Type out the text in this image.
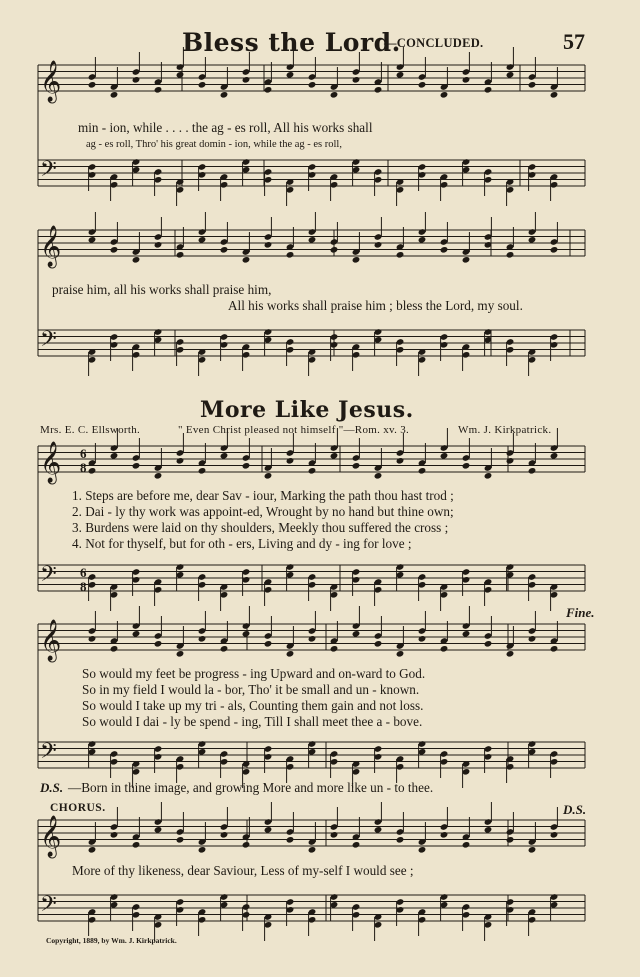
Bless the Lord.
—CONCLUDED.	57
𝄞
𝄢
𝄞
𝄢
𝄞
𝄢
𝄞
𝄢
𝄞
𝄢
min - ion, while . . . . the ag - es roll, All his works shall
ag - es roll, Thro' his great domin - ion, while the ag - es roll,
praise him, all his works shall praise him,
All his works shall praise him ; bless the Lord, my soul.
More Like Jesus.
Mrs. E. C. Ellsworth.	" Even Christ pleased not himself "—Rom. xv. 3.	Wm. J. Kirkpatrick.
6
8
6
8
1. Steps are before me, dear Sav - iour, Marking the path thou hast trod ;
2. Dai - ly thy work was appoint-ed, Wrought by no hand but thine own;
3. Burdens were laid on thy shoulders, Meekly thou suffered the cross ;
4. Not for thyself, but for oth - ers, Living and dy - ing for love ;
Fine.
So would my feet be progress - ing Upward and on-ward to God.
So in my field I would la - bor, Tho' it be small and un - known.
So would I take up my tri - als, Counting them gain and not loss.
So would I dai - ly be spend - ing, Till I shall meet thee a - bove.
D.S. —Born in thine image, and growing More and more like un - to thee.
CHORUS.	D.S.
More of thy likeness, dear Saviour, Less of my-self I would see ;
Copyright, 1889, by Wm. J. Kirkpatrick.
